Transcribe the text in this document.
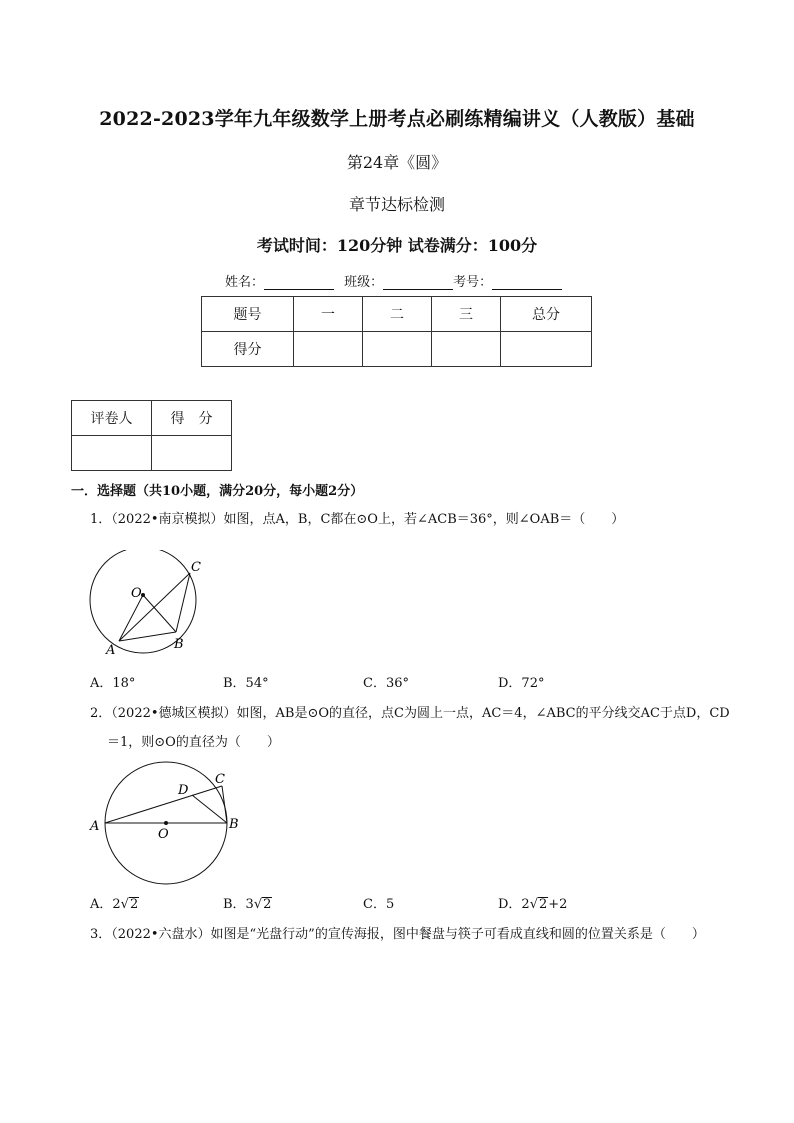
2022-2023学年九年级数学上册考点必刷练精编讲义（人教版）基础
第24章《圆》
章节达标检测
考试时间：120分钟 试卷满分：100分
姓名：	班级：	考号：
题号	一	二	三	总分
得分				
评卷人	得　分

一．选择题（共10小题，满分20分，每小题2分）
1．（2022•南京模拟）如图，点A，B，C都在⊙O上，若∠ACB＝36°，则∠OAB＝（　　）
O
C
A	B
A．18°	B．54°	C．36°	D．72°
2．（2022•德城区模拟）如图，AB是⊙O的直径，点C为圆上一点，AC＝4，∠ABC的平分线交AC于点D，CD
＝1，则⊙O的直径为（　　）
D
C
A
O
B
A．2√2	B．3√2	C．5	D．2√2+2
3．（2022•六盘水）如图是“光盘行动”的宣传海报，图中餐盘与筷子可看成直线和圆的位置关系是（　　）
